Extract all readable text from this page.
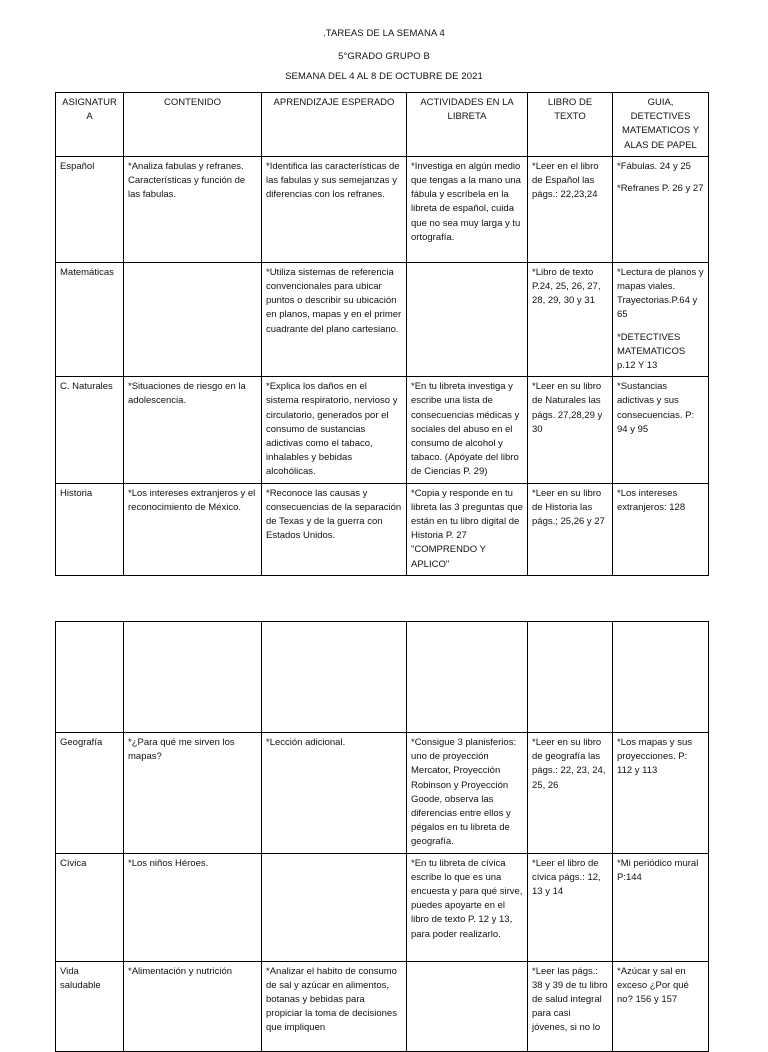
.TAREAS DE LA SEMANA 4
5°GRADO GRUPO B
SEMANA DEL 4 AL 8 DE OCTUBRE DE 2021
ASIGNATURA	CONTENIDO	APRENDIZAJE ESPERADO	ACTIVIDADES EN LA LIBRETA	LIBRO DE TEXTO	GUIA, DETECTIVES MATEMATICOS Y ALAS DE PAPEL
Español	*Analiza fabulas y refranes. Características y función de las fabulas.	*Identifica las características de las fabulas y sus semejanzas y diferencias con los refranes.	*Investiga en algún medio que tengas a la mano una fábula y escríbela en la libreta de español, cuida que no sea muy larga y tu ortografía.	*Leer en el libro de Español las págs.: 22,23,24	*Fábulas. 24 y 25
*Refranes P. 26 y 27

Matemáticas		*Utiliza sistemas de referencia convencionales para ubicar puntos o describir su ubicación en planos, mapas y en el primer cuadrante del plano cartesiano.		*Libro de texto P.24, 25, 26, 27, 28, 29, 30 y 31	*Lectura de planos y mapas viales. Trayectorias.P.64 y 65
*DETECTIVES MATEMATICOS p.12 Y 13

C. Naturales	*Situaciones de riesgo en la adolescencia.	*Explica los daños en el sistema respiratorio, nervioso y circulatorio, generados por el consumo de sustancias adictivas como el tabaco, inhalables y bebidas alcohólicas.	*En tu libreta investiga y escribe una lista de consecuencias médicas y sociales del abuso en el consumo de alcohol y tabaco. (Apóyate del libro de Ciencias P. 29)	*Leer en su libro de Naturales las págs. 27,28,29 y 30	*Sustancias adictivas y sus consecuencias. P: 94 y 95
Historia	*Los intereses extranjeros y el reconocimiento de México.	*Reconoce las causas y consecuencias de la separación de Texas y de la guerra con Estados Unidos.	*Copia y responde en tu libreta las 3 preguntas que están en tu libro digital de Historia P. 27 "COMPRENDO Y APLICO"	*Leer en su libro de Historia las págs.; 25,26 y 27	*Los intereses extranjeros: 128

Geografía	*¿Para qué me sirven los mapas?	*Lección adicional.	*Consigue 3 planisferios: uno de proyección Mercator, Proyección Robinson y Proyección Goode, observa las diferencias entre ellos y pégalos en tu libreta de geografía.	*Leer en su libro de geografía las págs.: 22, 23, 24, 25, 26	*Los mapas y sus proyecciones. P: 112 y 113
Cívica	*Los niños Héroes.		*En tu libreta de cívica escribe lo que es una encuesta y para qué sirve, puedes apoyarte en el libro de texto P. 12 y 13, para poder realizarlo.	*Leer el libro de cívica págs.: 12, 13 y 14	*Mi periódico mural P:144
Vida saludable	*Alimentación y nutrición	*Analizar el habito de consumo de sal y azúcar en alimentos, botanas y bebidas para propiciar la toma de decisiones que impliquen		*Leer las págs.: 38 y 39 de tu libro de salud integral para casi jóvenes, si no lo	*Azúcar y sal en exceso ¿Por qué no? 156 y 157
